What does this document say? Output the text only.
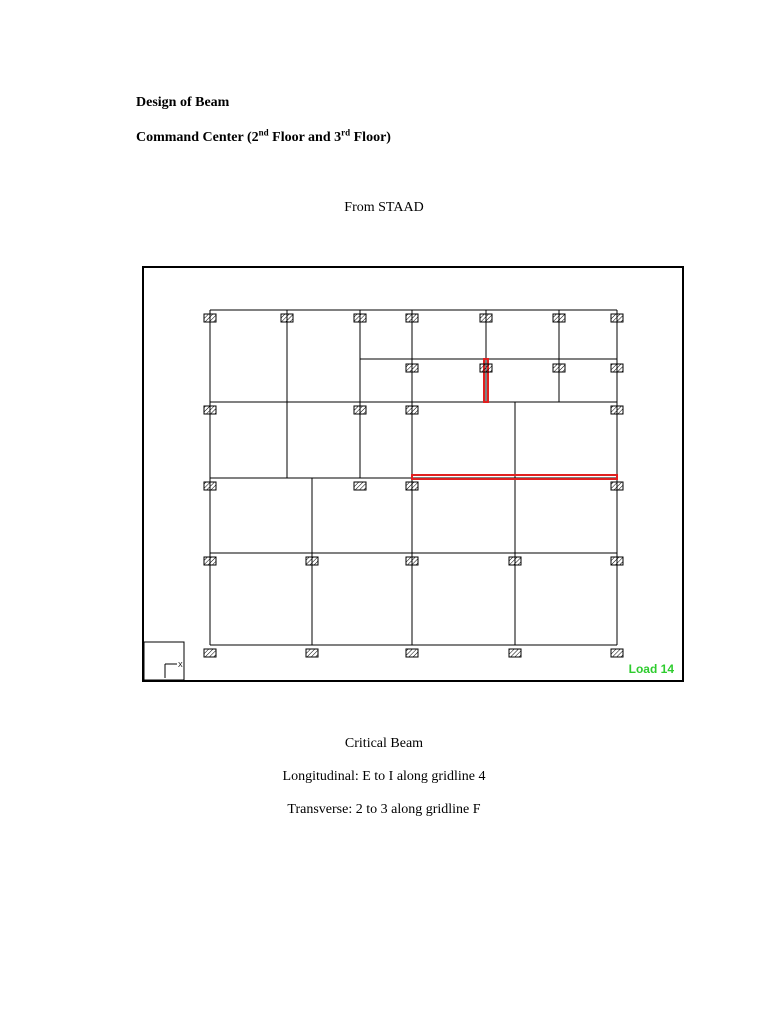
Design of Beam

Command Center (2nd Floor and 3rd Floor)

From STAAD

X	Load 14

Critical Beam

Longitudinal: E to I along gridline 4

Transverse: 2 to 3 along gridline F
